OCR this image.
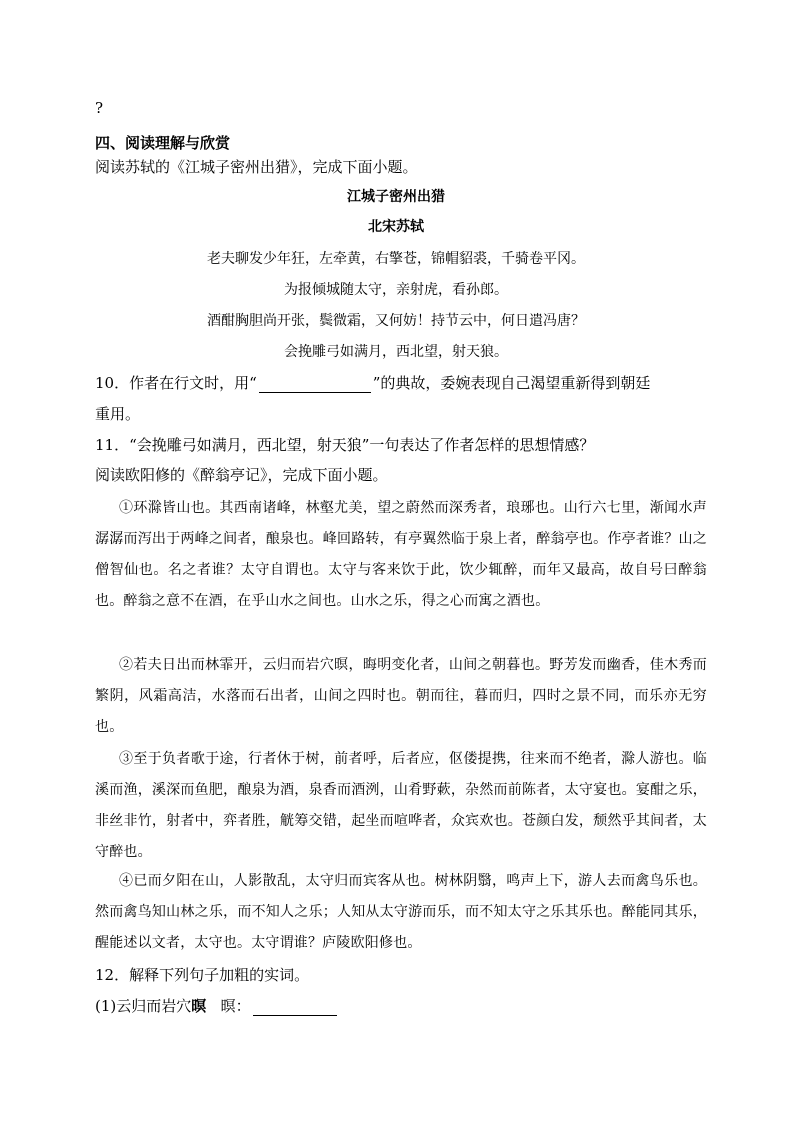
?
四、阅读理解与欣赏
阅读苏轼的《江城子密州出猎》，完成下面小题。
江城子密州出猎
北宋苏轼
老夫聊发少年狂，左牵黄，右擎苍，锦帽貂裘，千骑卷平冈。
为报倾城随太守，亲射虎，看孙郎。
酒酣胸胆尚开张，鬓微霜，又何妨！持节云中，何日遣冯唐？
会挽雕弓如满月，西北望，射天狼。
10．作者在行文时，用“	”的典故，委婉表现自己渴望重新得到朝廷
重用。
11．“会挽雕弓如满月，西北望，射天狼”一句表达了作者怎样的思想情感？
阅读欧阳修的《醉翁亭记》，完成下面小题。
①环滁皆山也。其西南诸峰，林壑尤美，望之蔚然而深秀者，琅琊也。山行六七里，渐闻水声潺潺而泻出于两峰之间者，酿泉也。峰回路转，有亭翼然临于泉上者，醉翁亭也。作亭者谁？山之僧智仙也。名之者谁？太守自谓也。太守与客来饮于此，饮少辄醉，而年又最高，故自号曰醉翁也。醉翁之意不在酒，在乎山水之间也。山水之乐，得之心而寓之酒也。
②若夫日出而林霏开，云归而岩穴暝，晦明变化者，山间之朝暮也。野芳发而幽香，佳木秀而繁阴，风霜高洁，水落而石出者，山间之四时也。朝而往，暮而归，四时之景不同，而乐亦无穷也。
③至于负者歌于途，行者休于树，前者呼，后者应，伛偻提携，往来而不绝者，滁人游也。临溪而渔，溪深而鱼肥，酿泉为酒，泉香而酒洌，山肴野蔌，杂然而前陈者，太守宴也。宴酣之乐，非丝非竹，射者中，弈者胜，觥筹交错，起坐而喧哗者，众宾欢也。苍颜白发，颓然乎其间者，太守醉也。
④已而夕阳在山，人影散乱，太守归而宾客从也。树林阴翳，鸣声上下，游人去而禽鸟乐也。然而禽鸟知山林之乐，而不知人之乐；人知从太守游而乐，而不知太守之乐其乐也。醉能同其乐，醒能述以文者，太守也。太守谓谁？庐陵欧阳修也。
12．解释下列句子加粗的实词。
(1)云归而岩穴暝 暝：
